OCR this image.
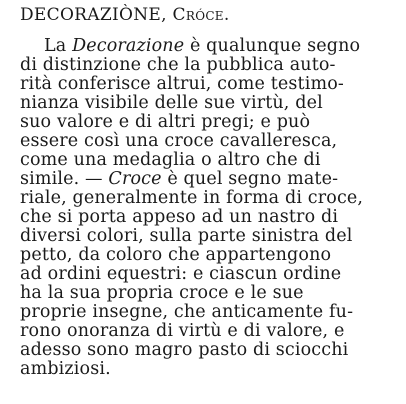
DECORAZIÒNE, Cróce.
La Decorazione è qualunque segno
di distinzione che la pubblica auto-
rità conferisce altrui, come testimo-
nianza visibile delle sue virtù, del
suo valore e di altri pregi; e può
essere così una croce cavalleresca,
come una medaglia o altro che di
simile. — Croce è quel segno mate-
riale, generalmente in forma di croce,
che si porta appeso ad un nastro di
diversi colori, sulla parte sinistra del
petto, da coloro che appartengono
ad ordini equestri: e ciascun ordine
ha la sua propria croce e le sue
proprie insegne, che anticamente fu-
rono onoranza di virtù e di valore, e
adesso sono magro pasto di sciocchi
ambiziosi.
